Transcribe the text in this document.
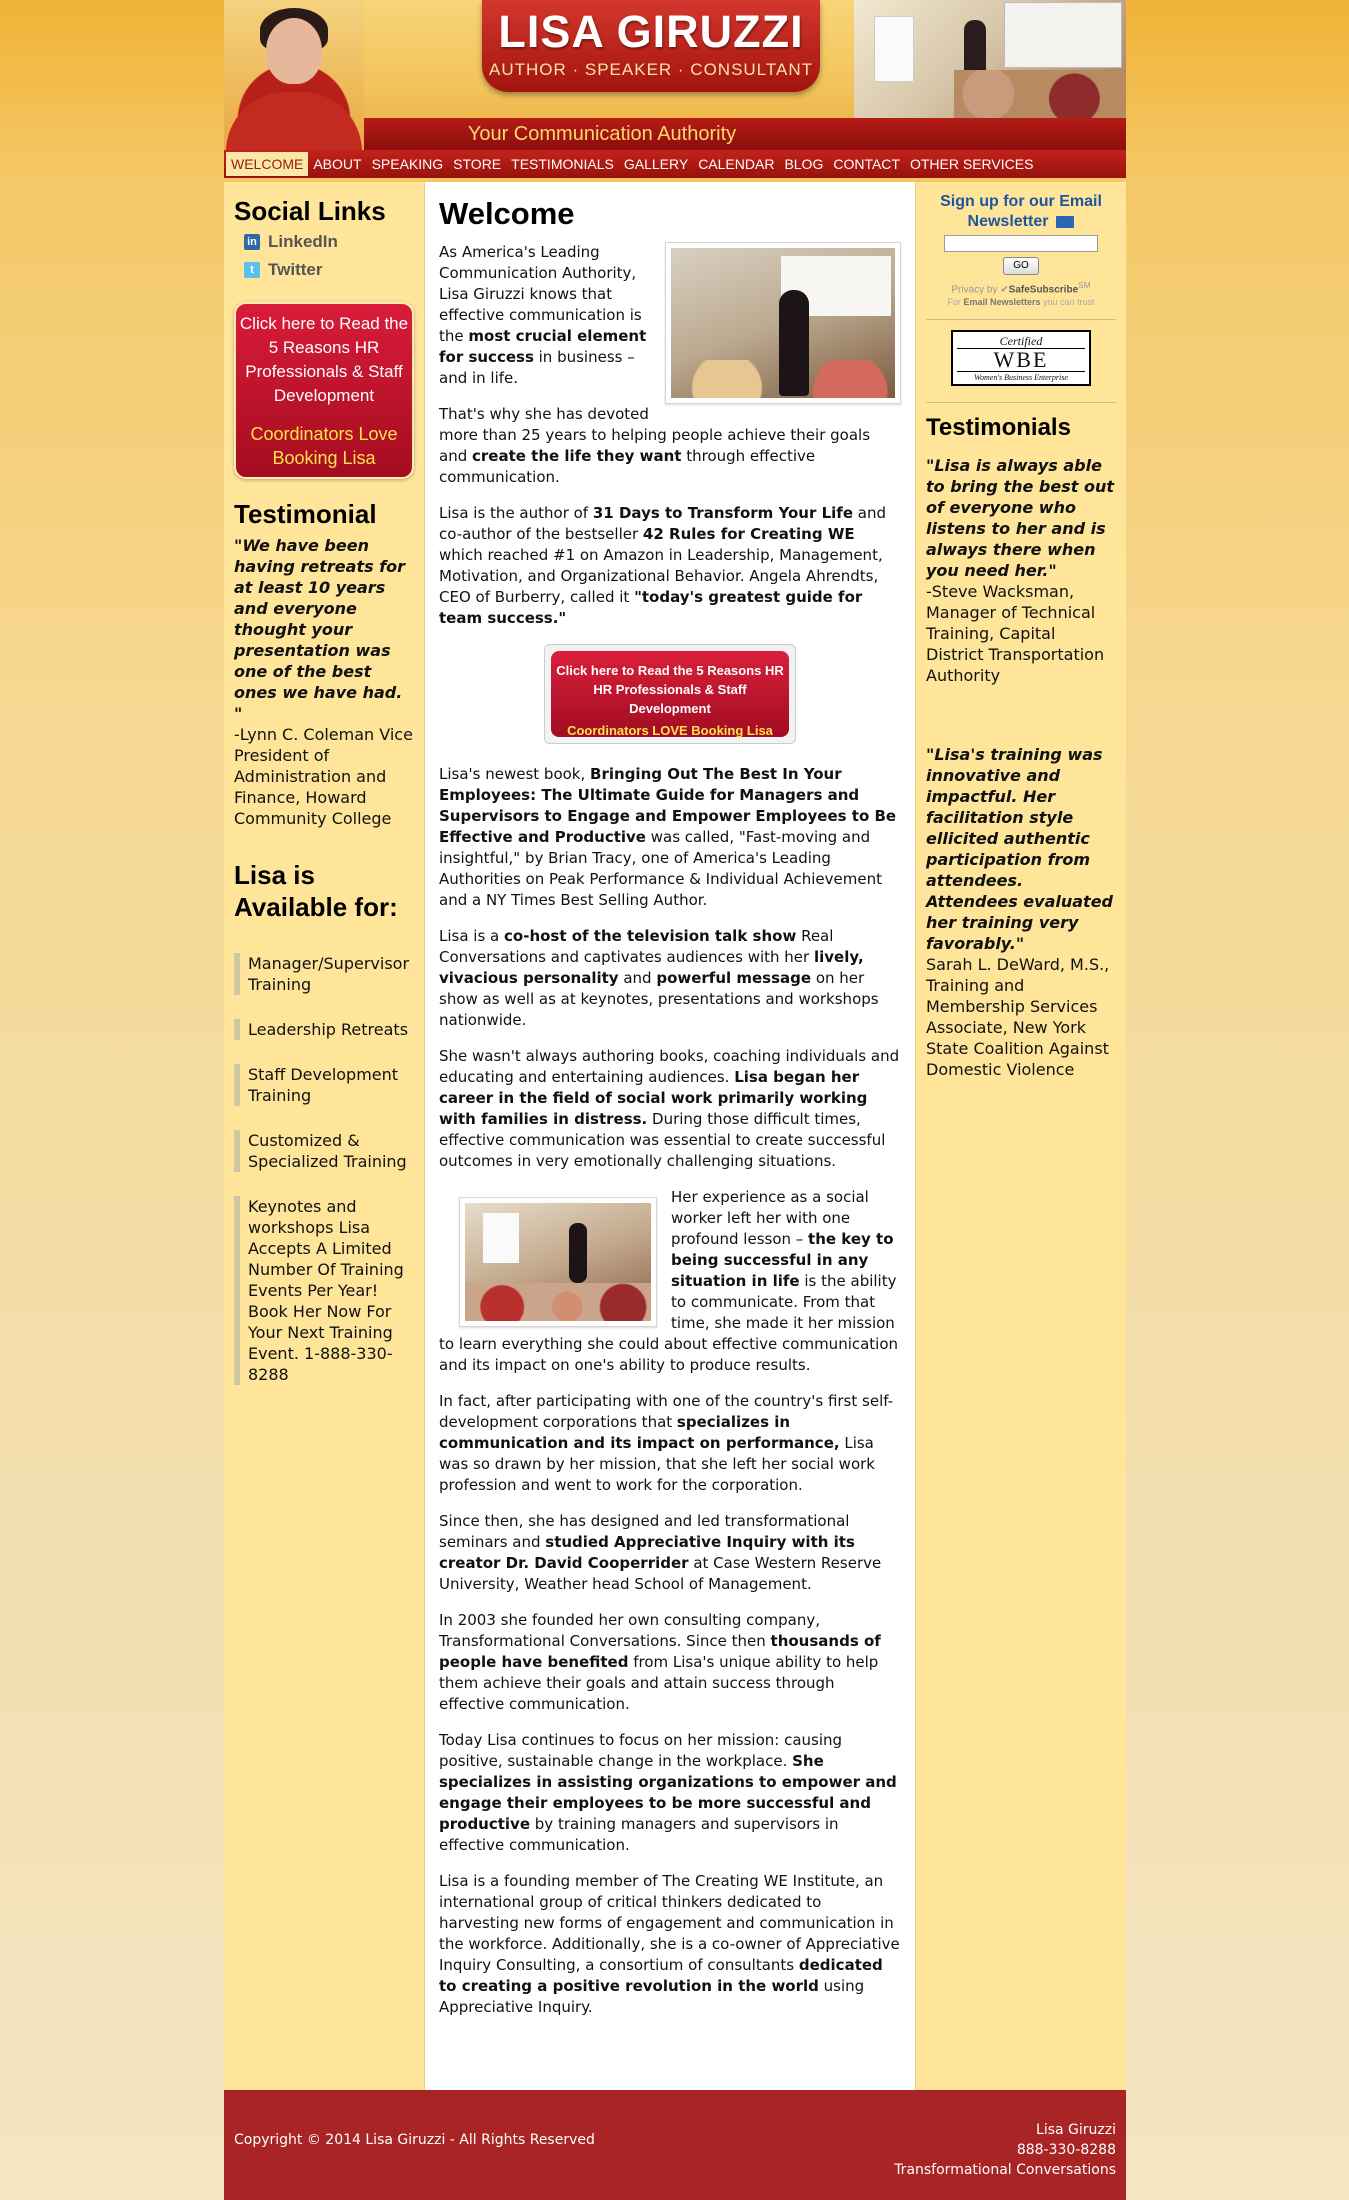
LISA GIRUZZI
AUTHOR · SPEAKER · CONSULTANT
Your Communication Authority
WELCOME ABOUT SPEAKING STORE TESTIMONIALS GALLERY CALENDAR BLOG CONTACT OTHER SERVICES
Social Links
in LinkedIn
t Twitter
Click here to Read the 5 Reasons HR Professionals & Staff Development
Coordinators Love Booking Lisa
Testimonial
"We have been having retreats for at least 10 years and everyone thought your presentation was one of the best ones we have had. "
-Lynn C. Coleman Vice President of Administration and Finance, Howard Community College
Lisa is Available for:
Manager/Supervisor Training
Leadership Retreats
Staff Development Training
Customized & Specialized Training
Keynotes and workshops Lisa Accepts A Limited Number Of Training Events Per Year! Book Her Now For Your Next Training Event. 1-888-330-8288
Welcome

As America's Leading Communication Authority, Lisa Giruzzi knows that effective communication is the most crucial element for success in business – and in life.

That's why she has devoted more than 25 years to helping people achieve their goals and create the life they want through effective communication.

Lisa is the author of 31 Days to Transform Your Life and co-author of the bestseller 42 Rules for Creating WE which reached #1 on Amazon in Leadership, Management, Motivation, and Organizational Behavior. Angela Ahrendts, CEO of Burberry, called it "today's greatest guide for team success."

Click here to Read the 5 Reasons HR HR Professionals & Staff Development
Coordinators LOVE Booking Lisa

Lisa's newest book, Bringing Out The Best In Your Employees: The Ultimate Guide for Managers and Supervisors to Engage and Empower Employees to Be Effective and Productive was called, "Fast-moving and insightful," by Brian Tracy, one of America's Leading Authorities on Peak Performance & Individual Achievement and a NY Times Best Selling Author.

Lisa is a co-host of the television talk show Real Conversations and captivates audiences with her lively, vivacious personality and powerful message on her show as well as at keynotes, presentations and workshops nationwide.

She wasn't always authoring books, coaching individuals and educating and entertaining audiences. Lisa began her career in the field of social work primarily working with families in distress. During those difficult times, effective communication was essential to create successful outcomes in very emotionally challenging situations.

Her experience as a social worker left her with one profound lesson – the key to being successful in any situation in life is the ability to communicate. From that time, she made it her mission to learn everything she could about effective communication and its impact on one's ability to produce results.

In fact, after participating with one of the country's first self-development corporations that specializes in communication and its impact on performance, Lisa was so drawn by her mission, that she left her social work profession and went to work for the corporation.

Since then, she has designed and led transformational seminars and studied Appreciative Inquiry with its creator Dr. David Cooperrider at Case Western Reserve University, Weather head School of Management.

In 2003 she founded her own consulting company, Transformational Conversations. Since then thousands of people have benefited from Lisa's unique ability to help them achieve their goals and attain success through effective communication.

Today Lisa continues to focus on her mission: causing positive, sustainable change in the workplace. She specializes in assisting organizations to empower and engage their employees to be more successful and productive by training managers and supervisors in effective communication.

Lisa is a founding member of The Creating WE Institute, an international group of critical thinkers dedicated to harvesting new forms of engagement and communication in the workforce. Additionally, she is a co-owner of Appreciative Inquiry Consulting, a consortium of consultants dedicated to creating a positive revolution in the world using Appreciative Inquiry.

Sign up for our Email Newsletter
GO
Privacy by ✔SafeSubscribe℠
For Email Newsletters you can trust
Certified
WBE
Women's Business Enterprise
Testimonials
"Lisa is always able to bring the best out of everyone who listens to her and is always there when you need her."
-Steve Wacksman, Manager of Technical Training, Capital District Transportation Authority
"Lisa's training was innovative and impactful. Her facilitation style ellicited authentic participation from attendees. Attendees evaluated her training very favorably."
Sarah L. DeWard, M.S., Training and Membership Services Associate, New York State Coalition Against Domestic Violence
Copyright © 2014 Lisa Giruzzi - All Rights Reserved
Lisa Giruzzi
888-330-8288
Transformational Conversations
